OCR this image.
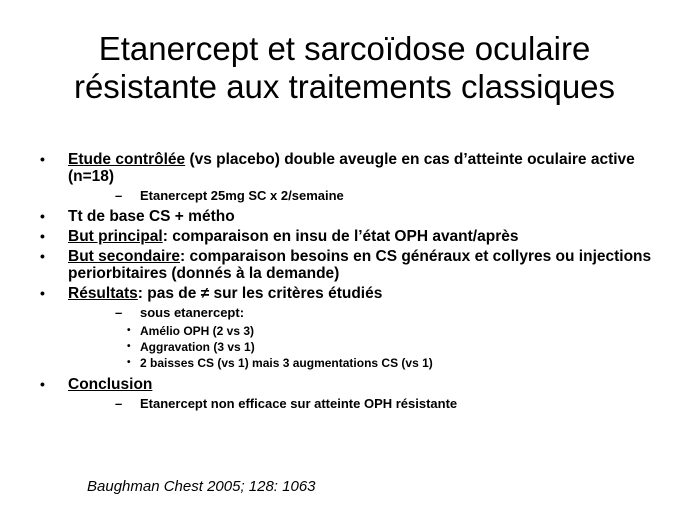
Etanercept et sarcoïdose oculaire
résistante aux traitements classiques
•	Etude contrôlée (vs placebo) double aveugle en cas d’atteinte oculaire active (n=18)
–	Etanercept 25mg SC x 2/semaine
•	Tt de base CS + métho
•	But principal: comparaison en insu de l’état OPH avant/après
•	But secondaire: comparaison besoins en CS généraux et collyres ou injections periorbitaires (donnés à la demande)
•	Résultats: pas de ≠ sur les critères étudiés
–	sous etanercept:
• Amélio OPH (2 vs 3)
• Aggravation (3 vs 1)
• 2 baisses CS (vs 1) mais 3 augmentations CS (vs 1)
•	Conclusion
–	Etanercept non efficace sur atteinte OPH résistante
Baughman Chest 2005; 128: 1063
